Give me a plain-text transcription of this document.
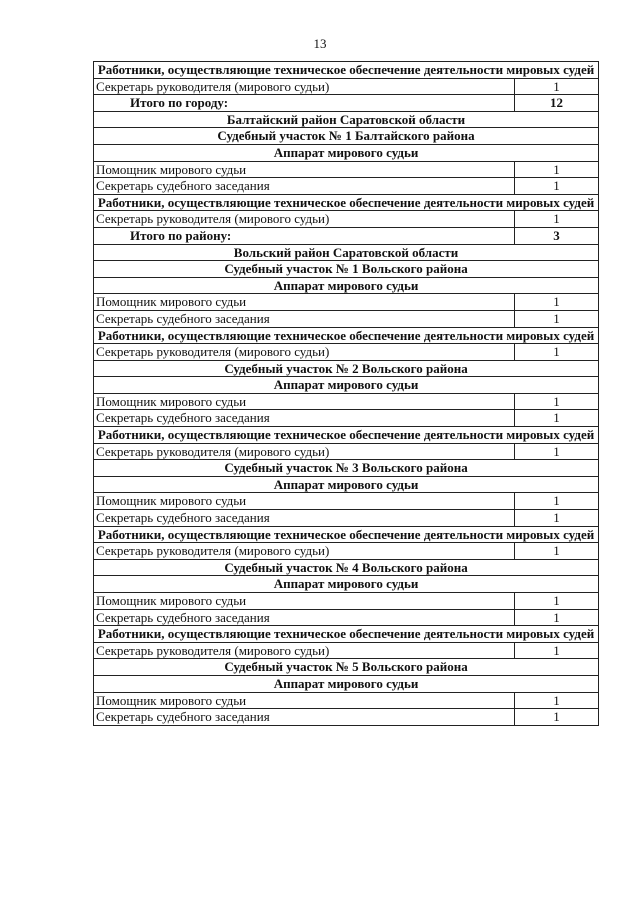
13
Работники, осуществляющие техническое обеспечение деятельности мировых судей	
Секретарь руководителя (мирового судьи)	1
Итого по городу:	12
Балтайский район Саратовской области	
Судебный участок № 1 Балтайского района	
Аппарат мирового судьи	
Помощник мирового судьи	1
Секретарь судебного заседания	1
Работники, осуществляющие техническое обеспечение деятельности мировых судей	
Секретарь руководителя (мирового судьи)	1
Итого по району:	3
Вольский район Саратовской области	
Судебный участок № 1 Вольского района	
Аппарат мирового судьи	
Помощник мирового судьи	1
Секретарь судебного заседания	1
Работники, осуществляющие техническое обеспечение деятельности мировых судей	
Секретарь руководителя (мирового судьи)	1
Судебный участок № 2 Вольского района	
Аппарат мирового судьи	
Помощник мирового судьи	1
Секретарь судебного заседания	1
Работники, осуществляющие техническое обеспечение деятельности мировых судей	
Секретарь руководителя (мирового судьи)	1
Судебный участок № 3 Вольского района	
Аппарат мирового судьи	
Помощник мирового судьи	1
Секретарь судебного заседания	1
Работники, осуществляющие техническое обеспечение деятельности мировых судей	
Секретарь руководителя (мирового судьи)	1
Судебный участок № 4 Вольского района	
Аппарат мирового судьи	
Помощник мирового судьи	1
Секретарь судебного заседания	1
Работники, осуществляющие техническое обеспечение деятельности мировых судей	
Секретарь руководителя (мирового судьи)	1
Судебный участок № 5 Вольского района	
Аппарат мирового судьи	
Помощник мирового судьи	1
Секретарь судебного заседания	1
